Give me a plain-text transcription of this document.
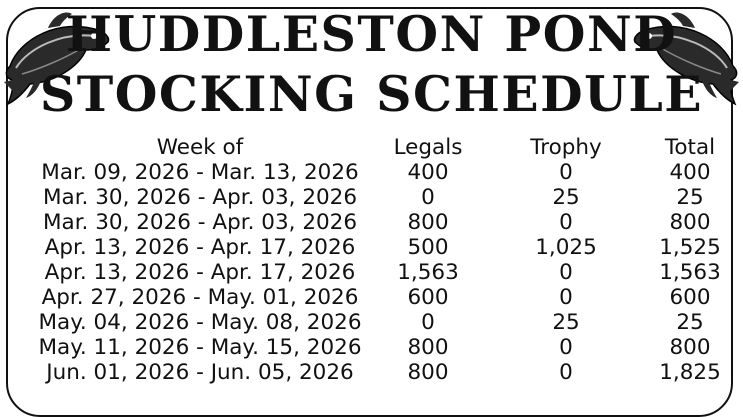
HUDDLESTON POND
STOCKING SCHEDULE
Week of	Legals	Trophy	Total
Mar. 09, 2026 - Mar. 13, 2026	400	0	400
Mar. 30, 2026 - Apr. 03, 2026	0	25	25
Mar. 30, 2026 - Apr. 03, 2026	800	0	800
Apr. 13, 2026 - Apr. 17, 2026	500	1,025	1,525
Apr. 13, 2026 - Apr. 17, 2026	1,563	0	1,563
Apr. 27, 2026 - May. 01, 2026	600	0	600
May. 04, 2026 - May. 08, 2026	0	25	25
May. 11, 2026 - May. 15, 2026	800	0	800
Jun. 01, 2026 - Jun. 05, 2026	800	0	1,825
